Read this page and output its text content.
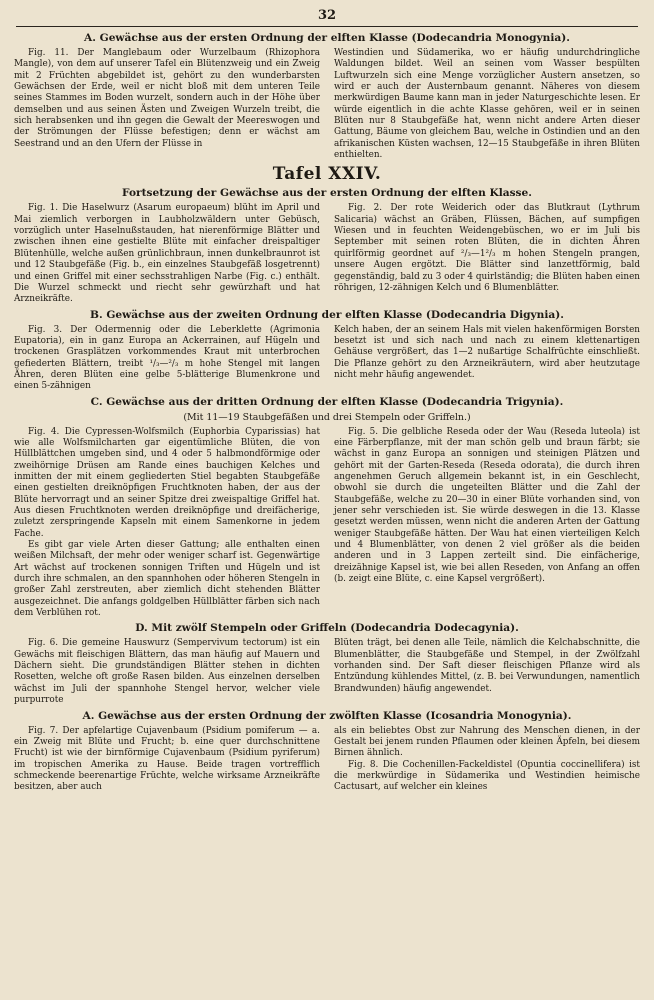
32
A. Gewächse aus der ersten Ordnung der elften Klasse (Dodecandria Monogynia).

Fig. 11. Der Manglebaum oder Wurzelbaum (Rhizophora Mangle), von dem auf unserer Tafel ein Blütenzweig und ein Zweig mit 2 Früchten abgebildet ist, gehört zu den wunderbarsten Gewächsen der Erde, weil er nicht bloß mit dem unteren Teile seines Stammes im Boden wurzelt, sondern auch in der Höhe über demselben und aus seinen Ästen und Zweigen Wurzeln treibt, die sich herabsenken und ihn gegen die Gewalt der Meereswogen und der Strömungen der Flüsse befestigen; denn er wächst am Seestrand und an den Ufern der Flüsse in

Westindien und Südamerika, wo er häufig undurchdringliche Waldungen bildet. Weil an seinen vom Wasser bespülten Luftwurzeln sich eine Menge vorzüglicher Austern ansetzen, so wird er auch der Austernbaum genannt. Näheres von diesem merkwürdigen Baume kann man in jeder Naturgeschichte lesen. Er würde eigentlich in die achte Klasse gehören, weil er in seinen Blüten nur 8 Staubgefäße hat, wenn nicht andere Arten dieser Gattung, Bäume von gleichem Bau, welche in Ostindien und an den afrikanischen Küsten wachsen, 12—15 Staubgefäße in ihren Blüten enthielten.

Tafel XXIV.
Fortsetzung der Gewächse aus der ersten Ordnung der elften Klasse.

Fig. 1. Die Haselwurz (Asarum europaeum) blüht im April und Mai ziemlich verborgen in Laubholzwäldern unter Gebüsch, vorzüglich unter Haselnußstauden, hat nierenförmige Blätter und zwischen ihnen eine gestielte Blüte mit einfacher dreispaltiger Blütenhülle, welche außen grünlichbraun, innen dunkelbraunrot ist und 12 Staubgefäße (Fig. b., ein einzelnes Staubgefäß losgetrennt) und einen Griffel mit einer sechsstrahligen Narbe (Fig. c.) enthält. Die Wurzel schmeckt und riecht sehr gewürzhaft und hat Arzneikräfte.

Fig. 2. Der rote Weiderich oder das Blutkraut (Lythrum Salicaria) wächst an Gräben, Flüssen, Bächen, auf sumpfigen Wiesen und in feuchten Weidengebüschen, wo er im Juli bis September mit seinen roten Blüten, die in dichten Ähren quirlförmig geordnet auf ²/₃—1²/₃ m hohen Stengeln prangen, unsere Augen ergötzt. Die Blätter sind lanzettförmig, bald gegenständig, bald zu 3 oder 4 quirlständig; die Blüten haben einen röhrigen, 12-zähnigen Kelch und 6 Blumenblätter.

B. Gewächse aus der zweiten Ordnung der elften Klasse (Dodecandria Digynia).

Fig. 3. Der Odermennig oder die Leberklette (Agrimonia Eupatoria), ein in ganz Europa an Ackerrainen, auf Hügeln und trockenen Grasplätzen vorkommendes Kraut mit unterbrochen gefiederten Blättern, treibt ¹/₃—²/₃ m hohe Stengel mit langen Ähren, deren Blüten eine gelbe 5-blätterige Blumenkrone und einen 5-zähnigen

Kelch haben, der an seinem Hals mit vielen hakenförmigen Borsten besetzt ist und sich nach und nach zu einem klettenartigen Gehäuse vergrößert, das 1—2 nußartige Schalfrüchte einschließt. Die Pflanze gehört zu den Arzneikräutern, wird aber heutzutage nicht mehr häufig angewendet.

C. Gewächse aus der dritten Ordnung der elften Klasse (Dodecandria Trigynia).
(Mit 11—19 Staubgefäßen und drei Stempeln oder Griffeln.)

Fig. 4. Die Cypressen-Wolfsmilch (Euphorbia Cyparissias) hat wie alle Wolfsmilcharten gar eigentümliche Blüten, die von Hüllblättchen umgeben sind, und 4 oder 5 halbmondförmige oder zweihörnige Drüsen am Rande eines bauchigen Kelches und inmitten der mit einem gegliederten Stiel begabten Staubgefäße einen gestielten dreiknöpfigen Fruchtknoten haben, der aus der Blüte hervorragt und an seiner Spitze drei zweispaltige Griffel hat. Aus diesen Fruchtknoten werden dreiknöpfige und dreifächerige, zuletzt zerspringende Kapseln mit einem Samenkorne in jedem Fache.

Es gibt gar viele Arten dieser Gattung; alle enthalten einen weißen Milchsaft, der mehr oder weniger scharf ist. Gegenwärtige Art wächst auf trockenen sonnigen Triften und Hügeln und ist durch ihre schmalen, an den spannhohen oder höheren Stengeln in großer Zahl zerstreuten, aber ziemlich dicht stehenden Blätter ausgezeichnet. Die anfangs goldgelben Hüllblätter färben sich nach dem Verblühen rot.

Fig. 5. Die gelbliche Reseda oder der Wau (Reseda luteola) ist eine Färberpflanze, mit der man schön gelb und braun färbt; sie wächst in ganz Europa an sonnigen und steinigen Plätzen und gehört mit der Garten-Reseda (Reseda odorata), die durch ihren angenehmen Geruch allgemein bekannt ist, in ein Geschlecht, obwohl sie durch die ungeteilten Blätter und die Zahl der Staubgefäße, welche zu 20—30 in einer Blüte vorhanden sind, von jener sehr verschieden ist. Sie würde deswegen in die 13. Klasse gesetzt werden müssen, wenn nicht die anderen Arten der Gattung weniger Staubgefäße hätten. Der Wau hat einen vierteiligen Kelch und 4 Blumenblätter, von denen 2 viel größer als die beiden anderen und in 3 Lappen zerteilt sind. Die einfächerige, dreizähnige Kapsel ist, wie bei allen Reseden, von Anfang an offen (b. zeigt eine Blüte, c. eine Kapsel vergrößert).

D. Mit zwölf Stempeln oder Griffeln (Dodecandria Dodecagynia).

Fig. 6. Die gemeine Hauswurz (Sempervivum tectorum) ist ein Gewächs mit fleischigen Blättern, das man häufig auf Mauern und Dächern sieht. Die grundständigen Blätter stehen in dichten Rosetten, welche oft große Rasen bilden. Aus einzelnen derselben wächst im Juli der spannhohe Stengel hervor, welcher viele purpurrote

Blüten trägt, bei denen alle Teile, nämlich die Kelchabschnitte, die Blumenblätter, die Staubgefäße und Stempel, in der Zwölfzahl vorhanden sind. Der Saft dieser fleischigen Pflanze wird als Entzündung kühlendes Mittel, (z. B. bei Verwundungen, namentlich Brandwunden) häufig angewendet.

A. Gewächse aus der ersten Ordnung der zwölften Klasse (Icosandria Monogynia).

Fig. 7. Der apfelartige Cujavenbaum (Psidium pomiferum — a. ein Zweig mit Blüte und Frucht; b. eine quer durchschnittene Frucht) ist wie der birnförmige Cujavenbaum (Psidium pyriferum) im tropischen Amerika zu Hause. Beide tragen vortrefflich schmeckende beerenartige Früchte, welche wirksame Arzneikräfte besitzen, aber auch

als ein beliebtes Obst zur Nahrung des Menschen dienen, in der Gestalt bei jenem runden Pflaumen oder kleinen Äpfeln, bei diesem Birnen ähnlich.

Fig. 8. Die Cochenillen-Fackeldistel (Opuntia coccinellifera) ist die merkwürdige in Südamerika und Westindien heimische Cactusart, auf welcher ein kleines
